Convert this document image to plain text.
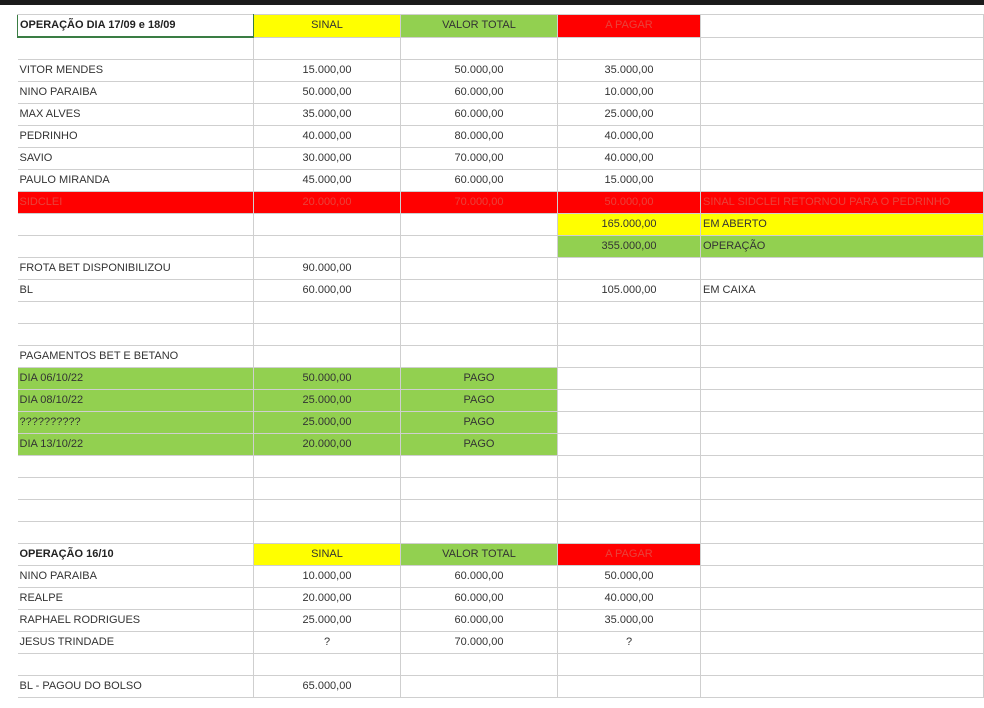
OPERAÇÃO DIA 17/09 e 18/09	SINAL	VALOR TOTAL	A PAGAR	

VITOR MENDES	15.000,00	50.000,00	35.000,00	
NINO PARAIBA	50.000,00	60.000,00	10.000,00	
MAX ALVES	35.000,00	60.000,00	25.000,00	
PEDRINHO	40.000,00	80.000,00	40.000,00	
SAVIO	30.000,00	70.000,00	40.000,00	
PAULO MIRANDA	45.000,00	60.000,00	15.000,00	
SIDCLEI	20.000,00	70.000,00	50.000,00	SINAL SIDCLEI RETORNOU PARA O PEDRINHO
			165.000,00	EM ABERTO
			355.000,00	OPERAÇÃO
FROTA BET DISPONIBILIZOU	90.000,00			
BL	60.000,00		105.000,00	EM CAIXA

PAGAMENTOS BET E BETANO				
DIA 06/10/22	50.000,00	PAGO		
DIA 08/10/22	25.000,00	PAGO		
??????????	25.000,00	PAGO		
DIA 13/10/22	20.000,00	PAGO		

OPERAÇÃO 16/10	SINAL	VALOR TOTAL	A PAGAR	
NINO PARAIBA	10.000,00	60.000,00	50.000,00	
REALPE	20.000,00	60.000,00	40.000,00	
RAPHAEL RODRIGUES	25.000,00	60.000,00	35.000,00	
JESUS TRINDADE	?	70.000,00	?	

BL - PAGOU DO BOLSO	65.000,00			
